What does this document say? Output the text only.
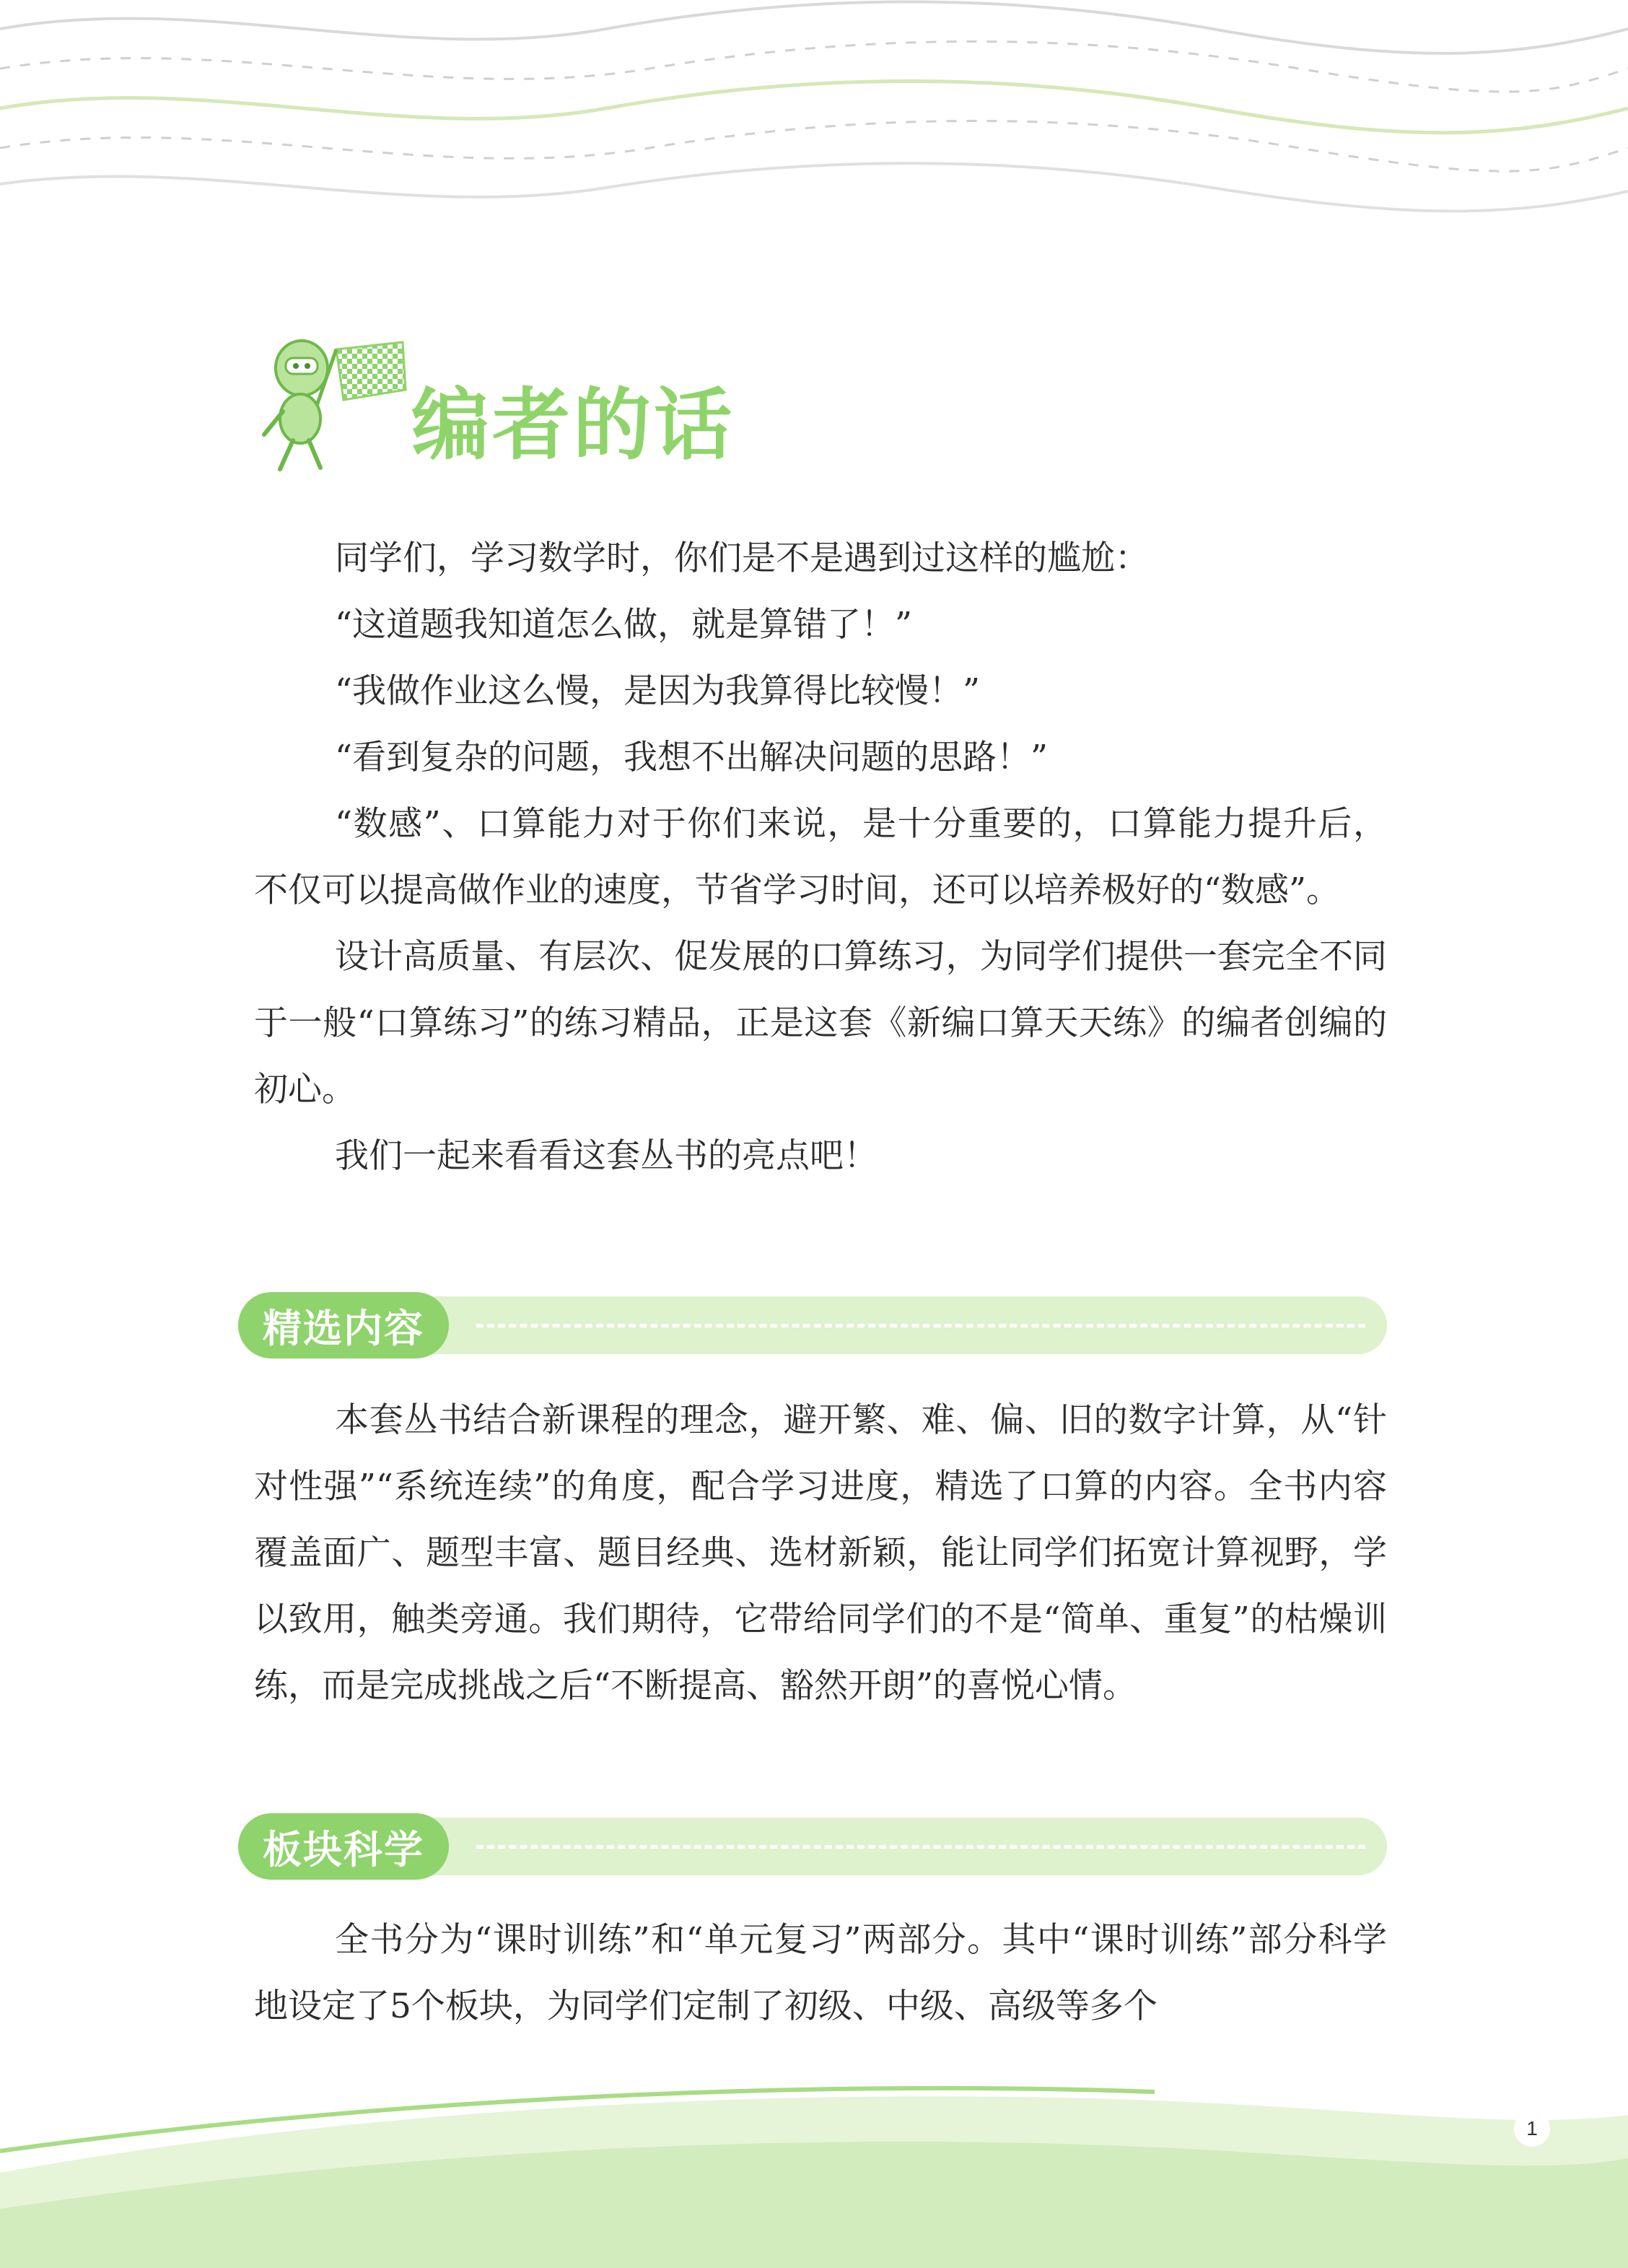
编者的话

同学们，学习数学时，你们是不是遇到过这样的尴尬：

“这道题我知道怎么做，就是算错了！”

“我做作业这么慢，是因为我算得比较慢！”

“看到复杂的问题，我想不出解决问题的思路！”

“数感”、口算能力对于你们来说，是十分重要的，口算能力提升后，不仅可以提高做作业的速度，节省学习时间，还可以培养极好的“数感”。

设计高质量、有层次、促发展的口算练习，为同学们提供一套完全不同于一般“口算练习”的练习精品，正是这套《新编口算天天练》的编者创编的初心。

我们一起来看看这套丛书的亮点吧！

精选内容

本套丛书结合新课程的理念，避开繁、难、偏、旧的数字计算，从“针对性强”“系统连续”的角度，配合学习进度，精选了口算的内容。全书内容覆盖面广、题型丰富、题目经典、选材新颖，能让同学们拓宽计算视野，学以致用，触类旁通。我们期待，它带给同学们的不是“简单、重复”的枯燥训练，而是完成挑战之后“不断提高、豁然开朗”的喜悦心情。

板块科学

全书分为“课时训练”和“单元复习”两部分。其中“课时训练”部分科学地设定了5个板块，为同学们定制了初级、中级、高级等多个

1
